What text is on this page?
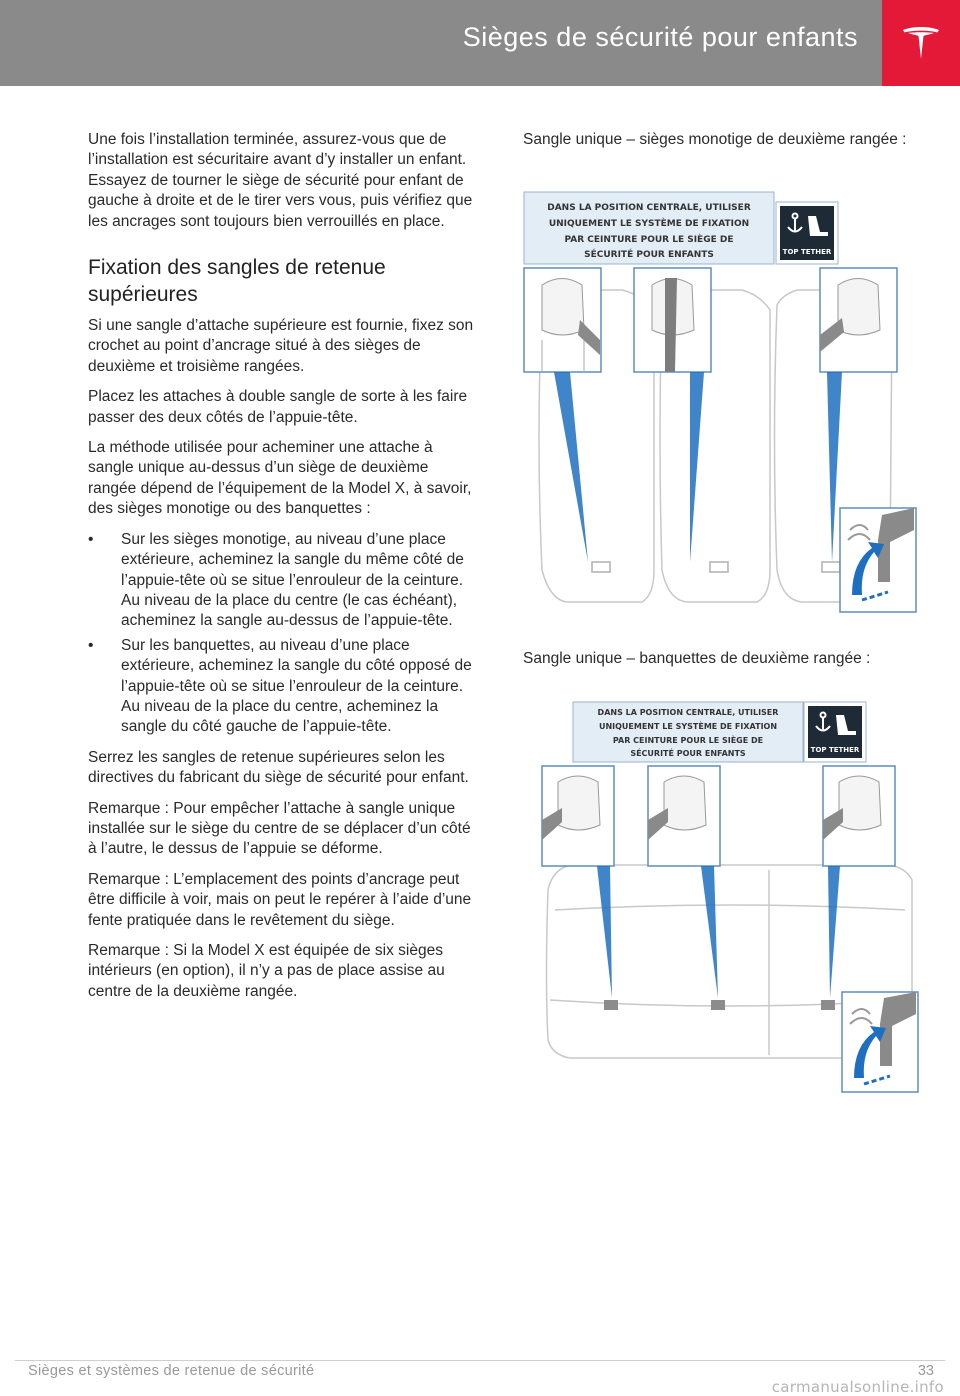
Sièges de sécurité pour enfants

Une fois l’installation terminée, assurez-vous que de l’installation est sécuritaire avant d’y installer un enfant. Essayez de tourner le siège de sécurité pour enfant de gauche à droite et de le tirer vers vous, puis vérifiez que les ancrages sont toujours bien verrouillés en place.

Fixation des sangles de retenue supérieures

Si une sangle d’attache supérieure est fournie, fixez son crochet au point d’ancrage situé à des sièges de deuxième et troisième rangées.

Placez les attaches à double sangle de sorte à les faire passer des deux côtés de l’appuie-tête.

La méthode utilisée pour acheminer une attache à sangle unique au-dessus d’un siège de deuxième rangée dépend de l’équipement de la Model X, à savoir, des sièges monotige ou des banquettes :

• Sur les sièges monotige, au niveau d’une place extérieure, acheminez la sangle du même côté de l’appuie-tête où se situe l’enrouleur de la ceinture. Au niveau de la place du centre (le cas échéant), acheminez la sangle au-dessus de l’appuie-tête.
• Sur les banquettes, au niveau d’une place extérieure, acheminez la sangle du côté opposé de l’appuie-tête où se situe l’enrouleur de la ceinture. Au niveau de la place du centre, acheminez la sangle du côté gauche de l’appuie-tête.

Serrez les sangles de retenue supérieures selon les directives du fabricant du siège de sécurité pour enfant.

Remarque : Pour empêcher l’attache à sangle unique installée sur le siège du centre de se déplacer d’un côté à l’autre, le dessus de l’appuie se déforme.

Remarque : L’emplacement des points d’ancrage peut être difficile à voir, mais on peut le repérer à l’aide d’une fente pratiquée dans le revêtement du siège.

Remarque : Si la Model X est équipée de six sièges intérieurs (en option), il n’y a pas de place assise au centre de la deuxième rangée.

Sangle unique – sièges monotige de deuxième rangée :
Sangle unique – banquettes de deuxième rangée :
DANS LA POSITION CENTRALE, UTILISER
UNIQUEMENT LE SYSTÈME DE FIXATION
PAR CEINTURE POUR LE SIÈGE DE
SÉCURITÉ POUR ENFANTS	TOP TETHER
DANS LA POSITION CENTRALE, UTILISER
UNIQUEMENT LE SYSTÈME DE FIXATION
PAR CEINTURE POUR LE SIÈGE DE
SÉCURITÉ POUR ENFANTS	TOP TETHER
Sièges et systèmes de retenue de sécurité	33
carmanualsonline.info
